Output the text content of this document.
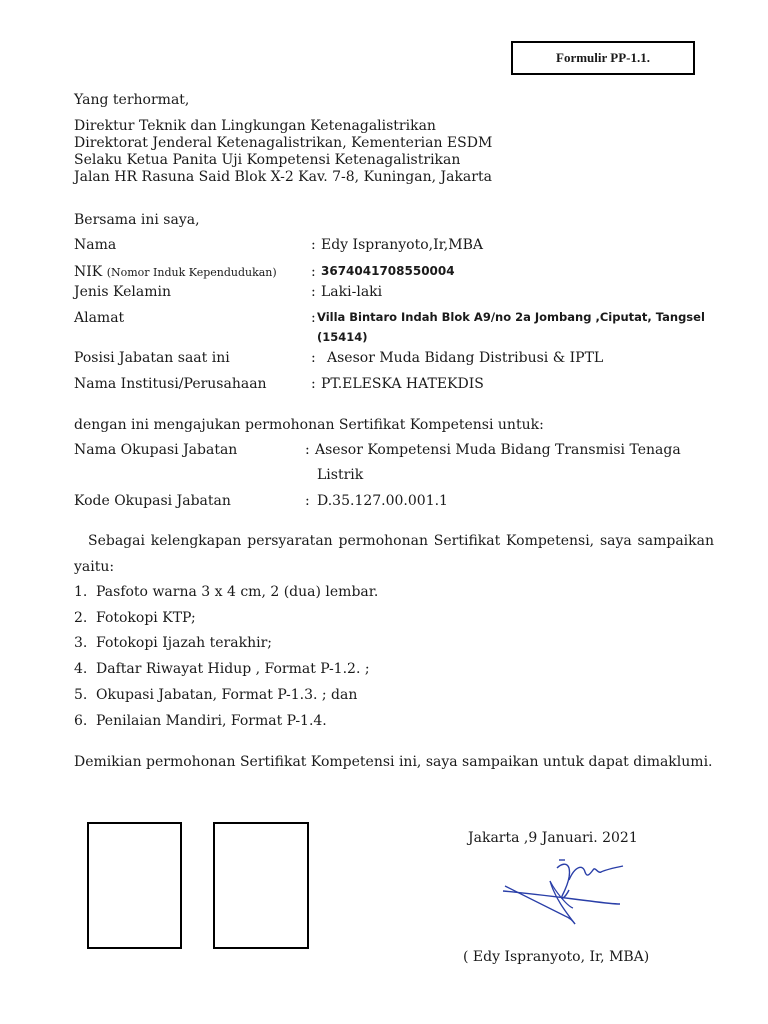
Formulir PP-1.1.
Yang terhormat,
Direktur Teknik dan Lingkungan Ketenagalistrikan
Direktorat Jenderal Ketenagalistrikan, Kementerian ESDM
Selaku Ketua Panita Uji Kompetensi Ketenagalistrikan
Jalan HR Rasuna Said Blok X-2 Kav. 7-8, Kuningan, Jakarta
Bersama ini saya,
Nama	: Edy Ispranyoto,Ir,MBA
NIK (Nomor Induk Kependudukan) : 3674041708550004
Jenis Kelamin	: Laki-laki
Alamat	: Villa Bintaro Indah Blok A9/no 2a Jombang ,Ciputat, Tangsel
(15414)
Posisi Jabatan saat ini	: Asesor Muda Bidang Distribusi & IPTL
Nama Institusi/Perusahaan	: PT.ELESKA HATEKDIS
dengan ini mengajukan permohonan Sertifikat Kompetensi untuk:
Nama Okupasi Jabatan	: Asesor Kompetensi Muda Bidang Transmisi Tenaga
Listrik
Kode Okupasi Jabatan	: D.35.127.00.001.1
Sebagai kelengkapan persyaratan permohonan Sertifikat Kompetensi, saya sampaikan yaitu:
1. Pasfoto warna 3 x 4 cm, 2 (dua) lembar.
2. Fotokopi KTP;
3. Fotokopi Ijazah terakhir;
4. Daftar Riwayat Hidup , Format P-1.2. ;
5. Okupasi Jabatan, Format P-1.3. ; dan
6. Penilaian Mandiri, Format P-1.4.
Demikian permohonan Sertifikat Kompetensi ini, saya sampaikan untuk dapat dimaklumi.
Jakarta ,9 Januari. 2021
( Edy Ispranyoto, Ir, MBA)
